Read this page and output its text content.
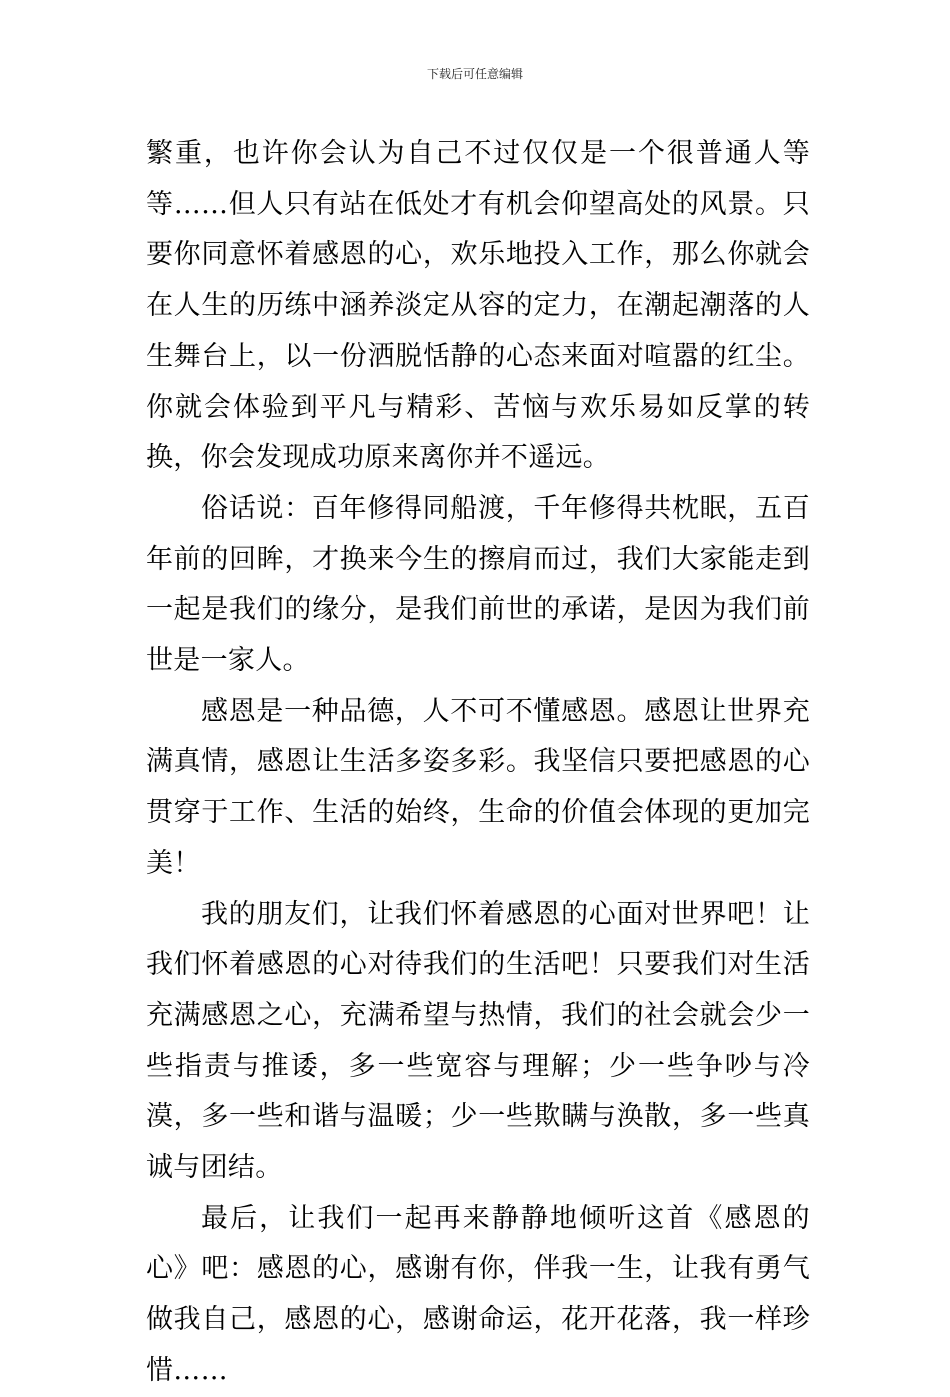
下载后可任意编辑

繁重，也许你会认为自己不过仅仅是一个很普通人等等……但人只有站在低处才有机会仰望高处的风景。只要你同意怀着感恩的心，欢乐地投入工作，那么你就会在人生的历练中涵养淡定从容的定力，在潮起潮落的人生舞台上，以一份洒脱恬静的心态来面对喧嚣的红尘。你就会体验到平凡与精彩、苦恼与欢乐易如反掌的转换，你会发现成功原来离你并不遥远。

俗话说：百年修得同船渡，千年修得共枕眠，五百年前的回眸，才换来今生的擦肩而过，我们大家能走到一起是我们的缘分，是我们前世的承诺，是因为我们前世是一家人。

感恩是一种品德，人不可不懂感恩。感恩让世界充满真情，感恩让生活多姿多彩。我坚信只要把感恩的心贯穿于工作、生活的始终，生命的价值会体现的更加完美！

我的朋友们，让我们怀着感恩的心面对世界吧！让我们怀着感恩的心对待我们的生活吧！只要我们对生活充满感恩之心，充满希望与热情，我们的社会就会少一些指责与推诿，多一些宽容与理解；少一些争吵与冷漠，多一些和谐与温暖；少一些欺瞒与涣散，多一些真诚与团结。

最后，让我们一起再来静静地倾听这首《感恩的心》吧：感恩的心，感谢有你，伴我一生，让我有勇气做我自己，感恩的心，感谢命运，花开花落，我一样珍惜……
